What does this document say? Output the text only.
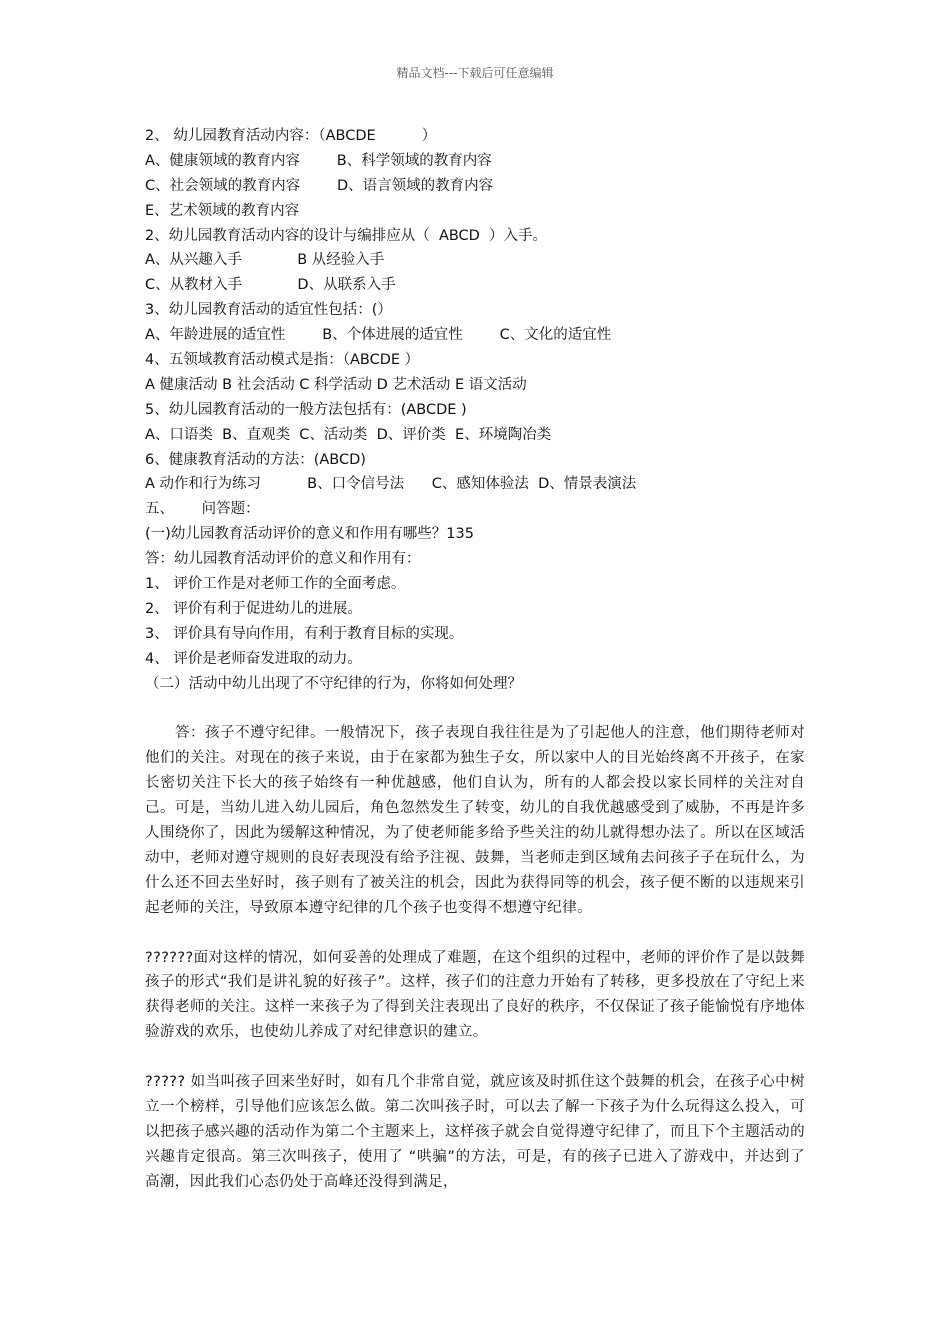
精品文档---下载后可任意编辑
2、 幼儿园教育活动内容：（ABCDE          ）
A、健康领域的教育内容        B、科学领域的教育内容
C、社会领域的教育内容        D、语言领域的教育内容
E、艺术领域的教育内容
2、幼儿园教育活动内容的设计与编排应从（  ABCD  ）入手。
A、从兴趣入手            B 从经验入手
C、从教材入手            D、从联系入手
3、幼儿园教育活动的适宜性包括：(）
A、年龄进展的适宜性        B、个体进展的适宜性        C、文化的适宜性
4、五领域教育活动模式是指：（ABCDE ）
A 健康活动 B 社会活动 C 科学活动 D 艺术活动 E 语文活动
5、幼儿园教育活动的一般方法包括有：(ABCDE )
A、口语类  B、直观类  C、活动类  D、评价类  E、环境陶冶类
6、健康教育活动的方法：(ABCD)
A 动作和行为练习          B、口令信号法      C、感知体验法  D、情景表演法
五、      问答题：
(一)幼儿园教育活动评价的意义和作用有哪些？135
答：幼儿园教育活动评价的意义和作用有：
1、 评价工作是对老师工作的全面考虑。
2、 评价有利于促进幼儿的进展。
3、 评价具有导向作用，有利于教育目标的实现。
4、 评价是老师奋发进取的动力。
（二）活动中幼儿出现了不守纪律的行为，你将如何处理？
答：孩子不遵守纪律。一般情况下，孩子表现自我往往是为了引起他人的注意，他们期待老师对他们的关注。对现在的孩子来说，由于在家都为独生子女，所以家中人的目光始终离不开孩子，在家长密切关注下长大的孩子始终有一种优越感，他们自认为，所有的人都会投以家长同样的关注对自己。可是，当幼儿进入幼儿园后，角色忽然发生了转变，幼儿的自我优越感受到了威胁，不再是许多人围绕你了，因此为缓解这种情况，为了使老师能多给予些关注的幼儿就得想办法了。所以在区域活动中，老师对遵守规则的良好表现没有给予注视、鼓舞，当老师走到区域角去问孩子子在玩什么，为什么还不回去坐好时，孩子则有了被关注的机会，因此为获得同等的机会，孩子便不断的以违规来引起老师的关注，导致原本遵守纪律的几个孩子也变得不想遵守纪律。
??????面对这样的情况，如何妥善的处理成了难题，在这个组织的过程中，老师的评价作了是以鼓舞孩子的形式“我们是讲礼貌的好孩子”。这样，孩子们的注意力开始有了转移，更多投放在了守纪上来获得老师的关注。这样一来孩子为了得到关注表现出了良好的秩序，不仅保证了孩子能愉悦有序地体验游戏的欢乐，也使幼儿养成了对纪律意识的建立。
????? 如当叫孩子回来坐好时，如有几个非常自觉，就应该及时抓住这个鼓舞的机会，在孩子心中树立一个榜样，引导他们应该怎么做。第二次叫孩子时，可以去了解一下孩子为什么玩得这么投入，可以把孩子感兴趣的活动作为第二个主题来上，这样孩子就会自觉得遵守纪律了，而且下个主题活动的兴趣肯定很高。第三次叫孩子，使用了 “哄骗”的方法，可是，有的孩子已进入了游戏中，并达到了高潮，因此我们心态仍处于高峰还没得到满足，
